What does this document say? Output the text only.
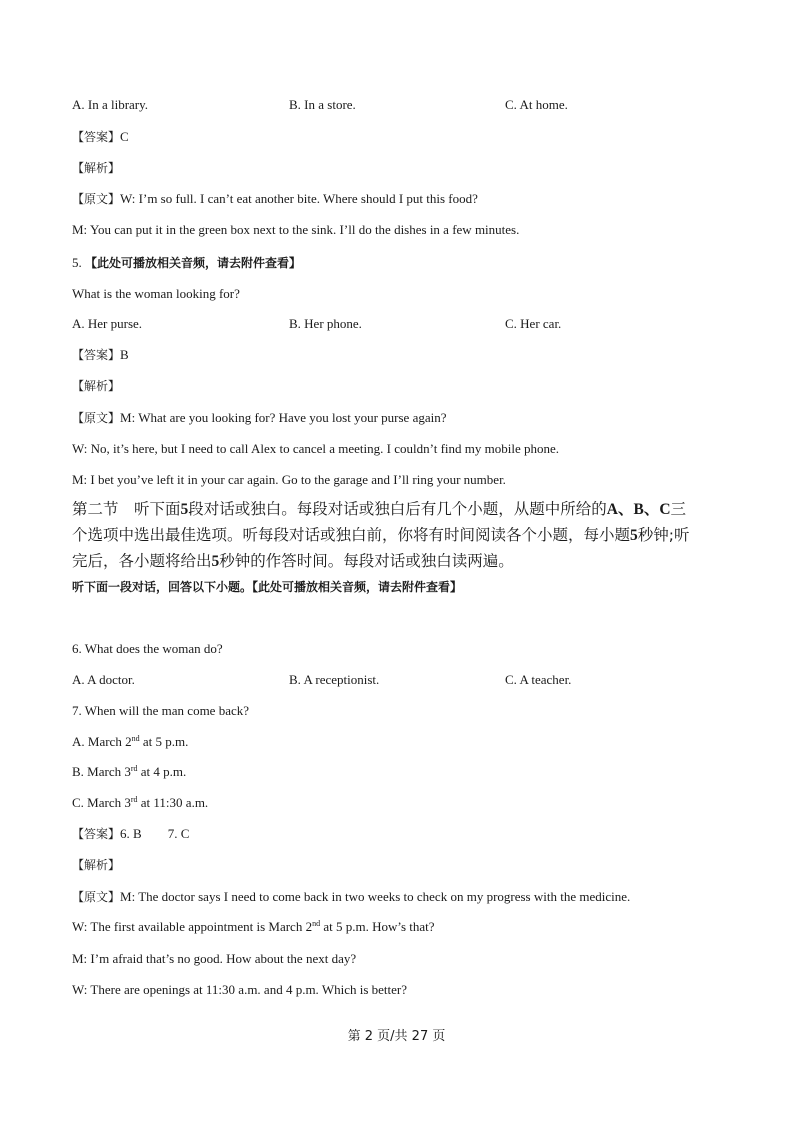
A. In a library.	B. In a store.	C. At home.
【答案】C
【解析】
【原文】W: I’m so full. I can’t eat another bite. Where should I put this food?
M: You can put it in the green box next to the sink. I’ll do the dishes in a few minutes.
5. 【此处可播放相关音频，请去附件查看】
What is the woman looking for?
A. Her purse.	B. Her phone.	C. Her car.
【答案】B
【解析】
【原文】M: What are you looking for? Have you lost your purse again?
W: No, it’s here, but I need to call Alex to cancel a meeting. I couldn’t find my mobile phone.
M: I bet you’ve left it in your car again. Go to the garage and I’ll ring your number.
第二节　听下面5段对话或独白。每段对话或独白后有几个小题，从题中所给的A、B、C三
个选项中选出最佳选项。听每段对话或独白前，你将有时间阅读各个小题，每小题5秒钟;听
完后，各小题将给出5秒钟的作答时间。每段对话或独白读两遍。
听下面一段对话，回答以下小题。【此处可播放相关音频，请去附件查看】
6. What does the woman do?
A. A doctor.	B. A receptionist.	C. A teacher.
7. When will the man come back?
A. March 2nd at 5 p.m.
B. March 3rd at 4 p.m.
C. March 3rd at 11:30 a.m.
【答案】6. B 7. C
【解析】
【原文】M: The doctor says I need to come back in two weeks to check on my progress with the medicine.
W: The first available appointment is March 2nd at 5 p.m. How’s that?
M: I’m afraid that’s no good. How about the next day?
W: There are openings at 11:30 a.m. and 4 p.m. Which is better?
第 2 页/共 27 页
